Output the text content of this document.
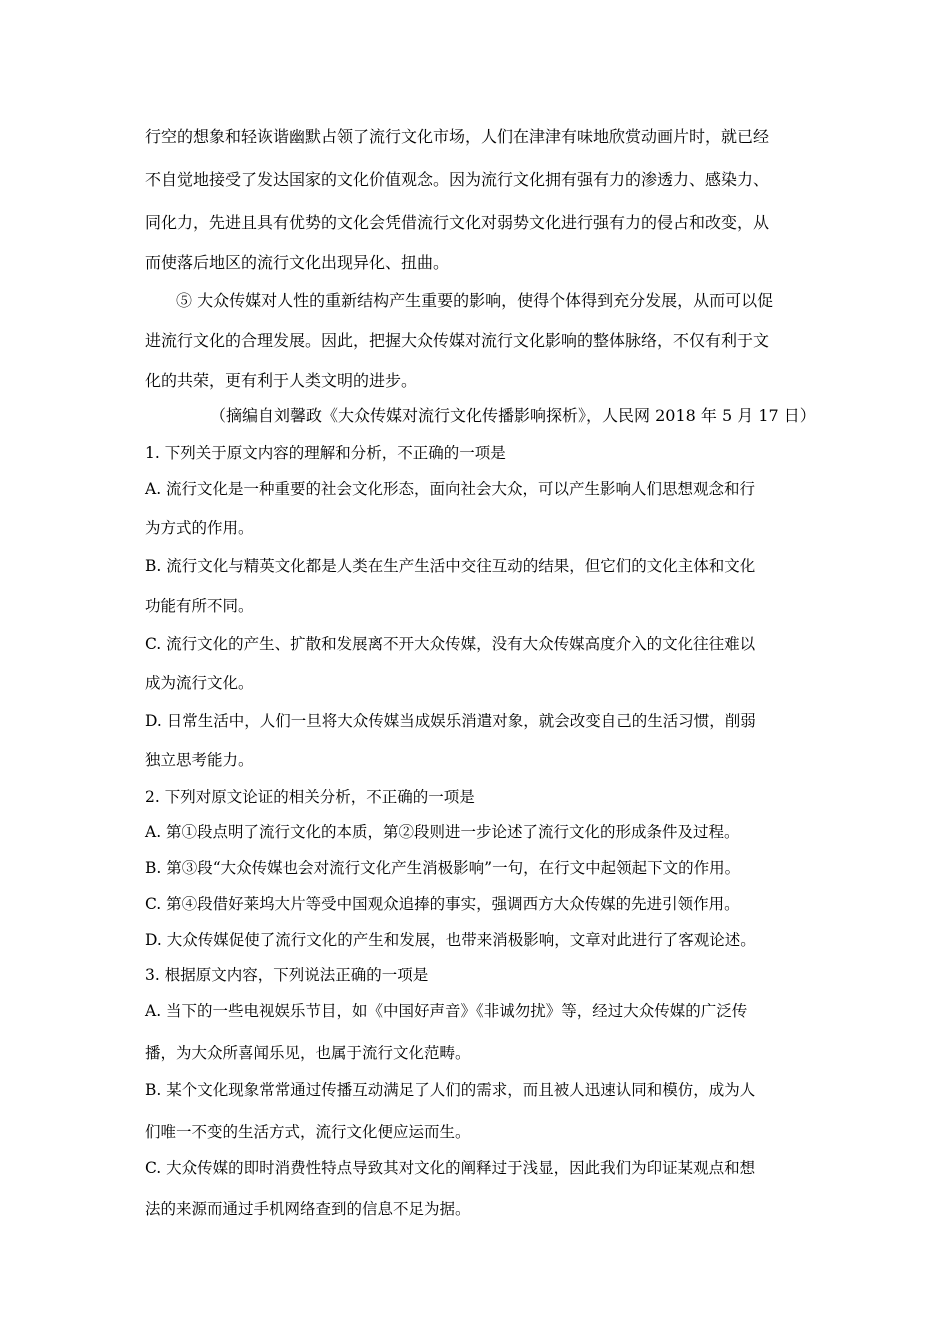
行空的想象和轻诙谐幽默占领了流行文化市场，人们在津津有味地欣赏动画片时，就已经
不自觉地接受了发达国家的文化价值观念。因为流行文化拥有强有力的渗透力、感染力、
同化力，先进且具有优势的文化会凭借流行文化对弱势文化进行强有力的侵占和改变，从
而使落后地区的流行文化出现异化、扭曲。
⑤ 大众传媒对人性的重新结构产生重要的影响，使得个体得到充分发展，从而可以促
进流行文化的合理发展。因此，把握大众传媒对流行文化影响的整体脉络，不仅有利于文
化的共荣，更有利于人类文明的进步。
（摘编自刘馨政《大众传媒对流行文化传播影响探析》，人民网 2018 年 5 月 17 日）
1. 下列关于原文内容的理解和分析，不正确的一项是
A. 流行文化是一种重要的社会文化形态，面向社会大众，可以产生影响人们思想观念和行
为方式的作用。
B. 流行文化与精英文化都是人类在生产生活中交往互动的结果，但它们的文化主体和文化
功能有所不同。
C. 流行文化的产生、扩散和发展离不开大众传媒，没有大众传媒高度介入的文化往往难以
成为流行文化。
D. 日常生活中，人们一旦将大众传媒当成娱乐消遣对象，就会改变自己的生活习惯，削弱
独立思考能力。
2. 下列对原文论证的相关分析，不正确的一项是
A. 第①段点明了流行文化的本质，第②段则进一步论述了流行文化的形成条件及过程。
B. 第③段“大众传媒也会对流行文化产生消极影响”一句，在行文中起领起下文的作用。
C. 第④段借好莱坞大片等受中国观众追捧的事实，强调西方大众传媒的先进引领作用。
D. 大众传媒促使了流行文化的产生和发展，也带来消极影响，文章对此进行了客观论述。
3. 根据原文内容，下列说法正确的一项是
A. 当下的一些电视娱乐节目，如《中国好声音》《非诚勿扰》等，经过大众传媒的广泛传
播，为大众所喜闻乐见，也属于流行文化范畴。
B. 某个文化现象常常通过传播互动满足了人们的需求，而且被人迅速认同和模仿，成为人
们唯一不变的生活方式，流行文化便应运而生。
C. 大众传媒的即时消费性特点导致其对文化的阐释过于浅显，因此我们为印证某观点和想
法的来源而通过手机网络查到的信息不足为据。
